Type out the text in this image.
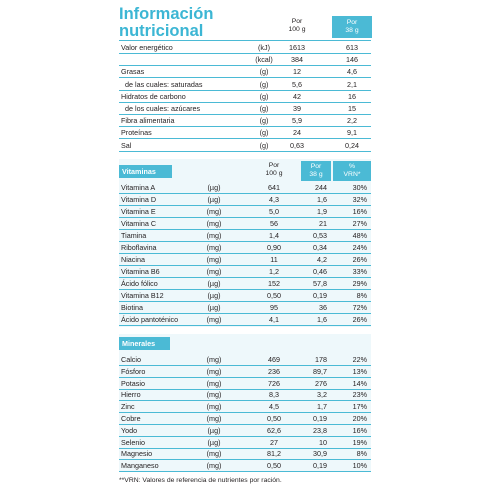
Información
nutricional
Por
100 g
Por
38 g
Valor energético	(kJ)	1613	613
(kcal)	384	146
Grasas	(g)	12	4,6
de las cuales: saturadas	(g)	5,6	2,1
Hidratos de carbono	(g)	42	16
de los cuales: azúcares	(g)	39	15
Fibra alimentaria	(g)	5,9	2,2
Proteínas	(g)	24	9,1
Sal	(g)	0,63	0,24
Vitaminas
Por
100 g
Por
38 g
%
VRN*
Vitamina A	(µg)	641	244	30%
Vitamina D	(µg)	4,3	1,6	32%
Vitamina E	(mg)	5,0	1,9	16%
Vitamina C	(mg)	56	21	27%
Tiamina	(mg)	1,4	0,53	48%
Riboflavina	(mg)	0,90	0,34	24%
Niacina	(mg)	11	4,2	26%
Vitamina B6	(mg)	1,2	0,46	33%
Ácido fólico	(µg)	152	57,8	29%
Vitamina B12	(µg)	0,50	0,19	8%
Biotina	(µg)	95	36	72%
Ácido pantoténico	(mg)	4,1	1,6	26%
Minerales
Calcio	(mg)	469	178	22%
Fósforo	(mg)	236	89,7	13%
Potasio	(mg)	726	276	14%
Hierro	(mg)	8,3	3,2	23%
Zinc	(mg)	4,5	1,7	17%
Cobre	(mg)	0,50	0,19	20%
Yodo	(µg)	62,6	23,8	16%
Selenio	(µg)	27	10	19%
Magnesio	(mg)	81,2	30,9	8%
Manganeso	(mg)	0,50	0,19	10%
**VRN: Valores de referencia de nutrientes por ración.
